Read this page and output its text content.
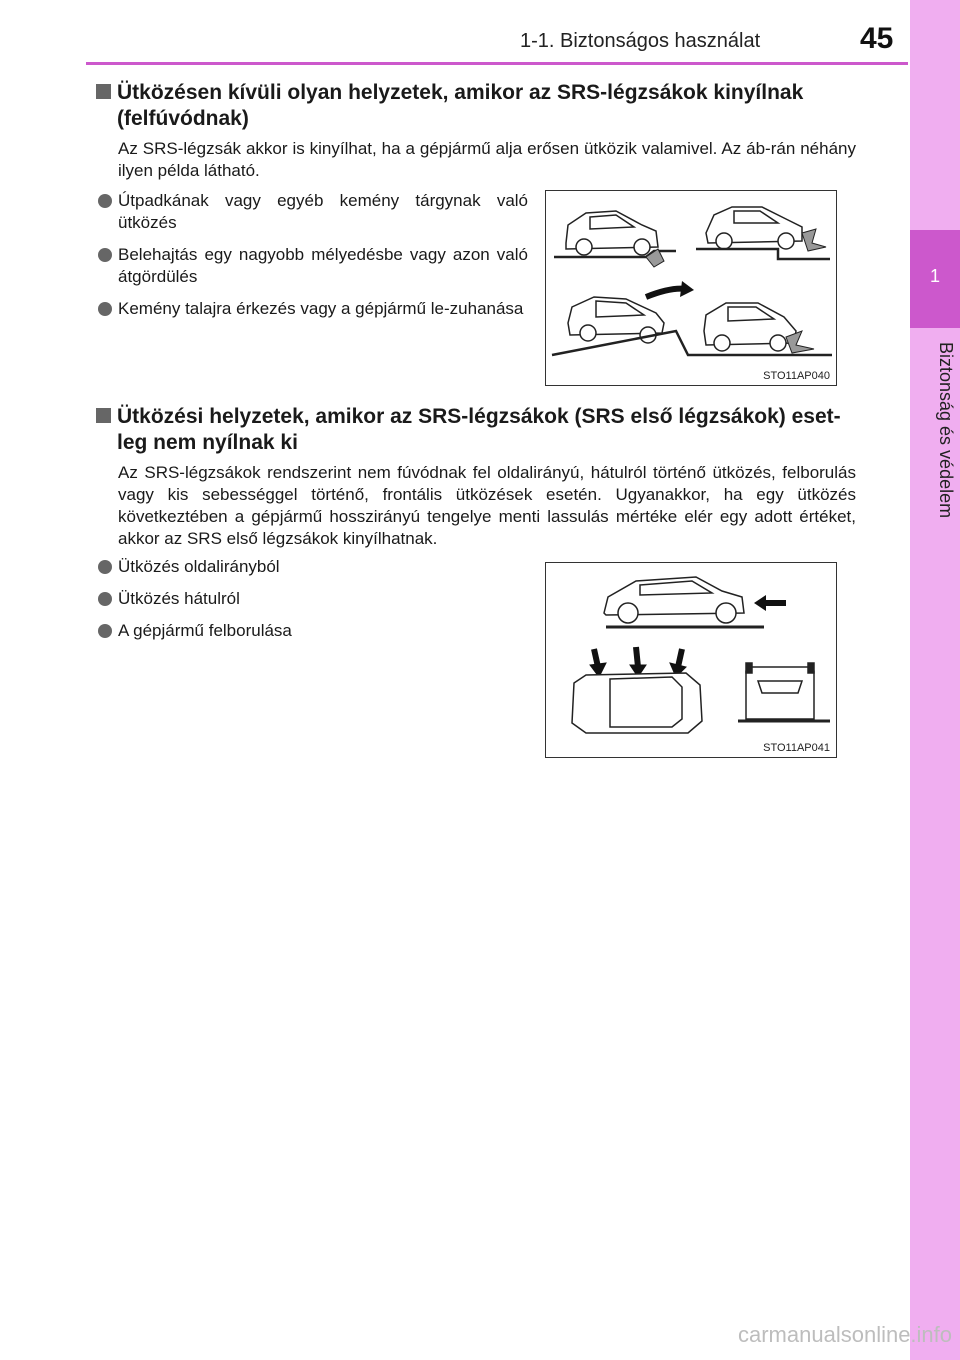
1-1. Biztonságos használat	45
1
Biztonság és védelem
Ütközésen kívüli olyan helyzetek, amikor az SRS-légzsákok kinyílnak
(felfúvódnak)
Az SRS-légzsák akkor is kinyílhat, ha a gépjármű alja erősen ütközik valamivel. Az áb-rán néhány ilyen példa látható.
Útpadkának vagy egyéb kemény tárgynak való ütközés
Belehajtás egy nagyobb mélyedésbe vagy azon való átgördülés
Kemény talajra érkezés vagy a gépjármű le-zuhanása
STO11AP040
Ütközési helyzetek, amikor az SRS-légzsákok (SRS első légzsákok) eset-
leg nem nyílnak ki
Az SRS-légzsákok rendszerint nem fúvódnak fel oldalirányú, hátulról történő ütközés, felborulás vagy kis sebességgel történő, frontális ütközések esetén. Ugyanakkor, ha egy ütközés következtében a gépjármű hosszirányú tengelye menti lassulás mértéke elér egy adott értéket, akkor az SRS első légzsákok kinyílhatnak.
Ütközés oldalirányból
Ütközés hátulról
A gépjármű felborulása
STO11AP041
carmanualsonline.info
